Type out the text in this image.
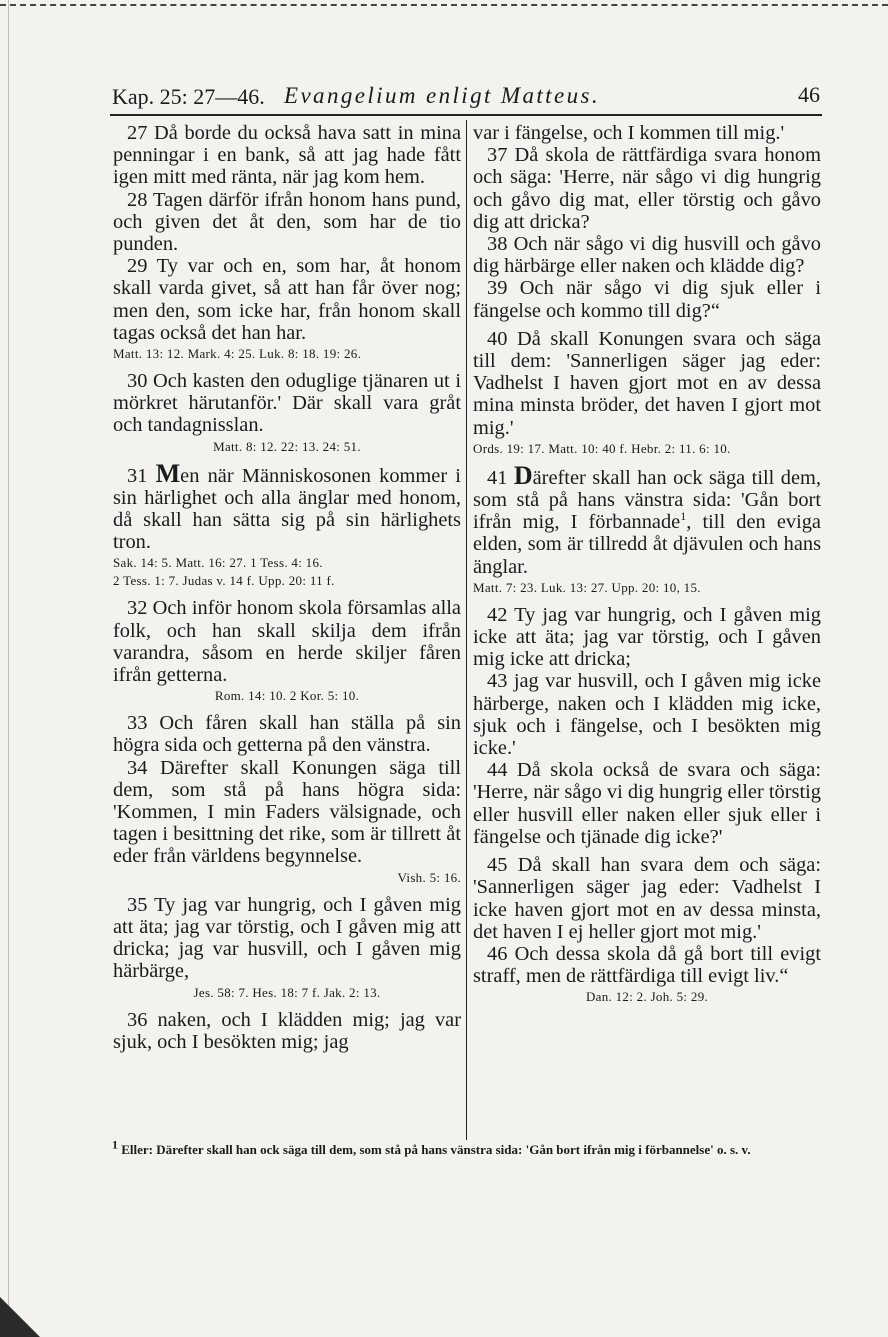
Kap. 25: 27—46. Evangelium enligt Matteus.	46

27 Då borde du också hava satt in mina penningar i en bank, så att jag hade fått igen mitt med ränta, när jag kom hem.

28 Tagen därför ifrån honom hans pund, och given det åt den, som har de tio punden.

29 Ty var och en, som har, åt honom skall varda givet, så att han får över nog; men den, som icke har, från honom skall tagas också det han har.

Matt. 13: 12. Mark. 4: 25. Luk. 8: 18. 19: 26.

30 Och kasten den oduglige tjänaren ut i mörkret härutanför.' Där skall vara gråt och tandagnisslan.

Matt. 8: 12. 22: 13. 24: 51.

31 Men när Människosonen kommer i sin härlighet och alla änglar med honom, då skall han sätta sig på sin härlighets tron.

Sak. 14: 5. Matt. 16: 27. 1 Tess. 4: 16.
2 Tess. 1: 7. Judas v. 14 f. Upp. 20: 11 f.

32 Och inför honom skola församlas alla folk, och han skall skilja dem ifrån varandra, såsom en herde skiljer fåren ifrån getterna.

Rom. 14: 10. 2 Kor. 5: 10.

33 Och fåren skall han ställa på sin högra sida och getterna på den vänstra.

34 Därefter skall Konungen säga till dem, som stå på hans högra sida: 'Kommen, I min Faders välsignade, och tagen i besittning det rike, som är tillrett åt eder från världens begynnelse.

Vish. 5: 16.

35 Ty jag var hungrig, och I gåven mig att äta; jag var törstig, och I gåven mig att dricka; jag var husvill, och I gåven mig härbärge,

Jes. 58: 7. Hes. 18: 7 f. Jak. 2: 13.

36 naken, och I klädden mig; jag var sjuk, och I besökten mig; jag

var i fängelse, och I kommen till mig.'

37 Då skola de rättfärdiga svara honom och säga: 'Herre, när sågo vi dig hungrig och gåvo dig mat, eller törstig och gåvo dig att dricka?

38 Och när sågo vi dig husvill och gåvo dig härbärge eller naken och klädde dig?

39 Och när sågo vi dig sjuk eller i fängelse och kommo till dig?“

40 Då skall Konungen svara och säga till dem: 'Sannerligen säger jag eder: Vadhelst I haven gjort mot en av dessa mina minsta bröder, det haven I gjort mot mig.'

Ords. 19: 17. Matt. 10: 40 f. Hebr. 2: 11. 6: 10.

41 Därefter skall han ock säga till dem, som stå på hans vänstra sida: 'Gån bort ifrån mig, I förbannade$^1$, till den eviga elden, som är tillredd åt djävulen och hans änglar.

Matt. 7: 23. Luk. 13: 27. Upp. 20: 10, 15.

42 Ty jag var hungrig, och I gåven mig icke att äta; jag var törstig, och I gåven mig icke att dricka;

43 jag var husvill, och I gåven mig icke härberge, naken och I klädden mig icke, sjuk och i fängelse, och I besökten mig icke.'

44 Då skola också de svara och säga: 'Herre, när sågo vi dig hungrig eller törstig eller husvill eller naken eller sjuk eller i fängelse och tjänade dig icke?'

45 Då skall han svara dem och säga: 'Sannerligen säger jag eder: Vadhelst I icke haven gjort mot en av dessa minsta, det haven I ej heller gjort mot mig.'

46 Och dessa skola då gå bort till evigt straff, men de rättfärdiga till evigt liv.“

Dan. 12: 2. Joh. 5: 29.
$^1$ Eller: Därefter skall han ock säga till dem, som stå på hans vänstra sida: 'Gån bort ifrån mig i förbannelse' o. s. v.
